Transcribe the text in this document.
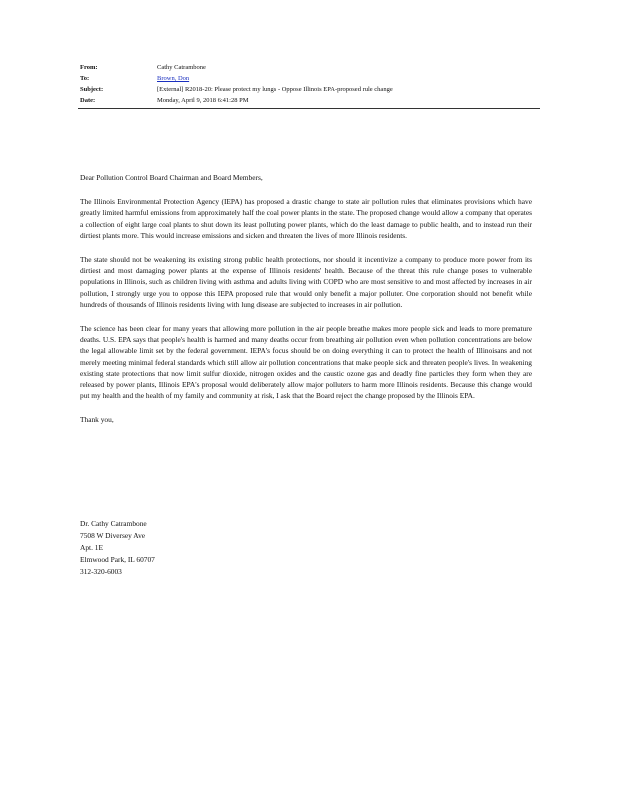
From:	Cathy Catrambone
To:	Brown, Don
Subject:	[External] R2018-20: Please protect my lungs - Oppose Illinois EPA-proposed rule change
Date:	Monday, April 9, 2018 6:41:28 PM

Dear Pollution Control Board Chairman and Board Members,

The Illinois Environmental Protection Agency (IEPA) has proposed a drastic change to state air pollution rules that eliminates provisions which have greatly limited harmful emissions from approximately half the coal power plants in the state. The proposed change would allow a company that operates a collection of eight large coal plants to shut down its least polluting power plants, which do the least damage to public health, and to instead run their dirtiest plants more. This would increase emissions and sicken and threaten the lives of more Illinois residents.

The state should not be weakening its existing strong public health protections, nor should it incentivize a company to produce more power from its dirtiest and most damaging power plants at the expense of Illinois residents' health. Because of the threat this rule change poses to vulnerable populations in Illinois, such as children living with asthma and adults living with COPD who are most sensitive to and most affected by increases in air pollution, I strongly urge you to oppose this IEPA proposed rule that would only benefit a major polluter. One corporation should not benefit while hundreds of thousands of Illinois residents living with lung disease are subjected to increases in air pollution.

The science has been clear for many years that allowing more pollution in the air people breathe makes more people sick and leads to more premature deaths. U.S. EPA says that people's health is harmed and many deaths occur from breathing air pollution even when pollution concentrations are below the legal allowable limit set by the federal government. IEPA's focus should be on doing everything it can to protect the health of Illinoisans and not merely meeting minimal federal standards which still allow air pollution concentrations that make people sick and threaten people's lives. In weakening existing state protections that now limit sulfur dioxide, nitrogen oxides and the caustic ozone gas and deadly fine particles they form when they are released by power plants, Illinois EPA's proposal would deliberately allow major polluters to harm more Illinois residents. Because this change would put my health and the health of my family and community at risk, I ask that the Board reject the change proposed by the Illinois EPA.

Thank you,

Dr. Cathy Catrambone
7508 W Diversey Ave
Apt. 1E
Elmwood Park, IL 60707
312-320-6003
